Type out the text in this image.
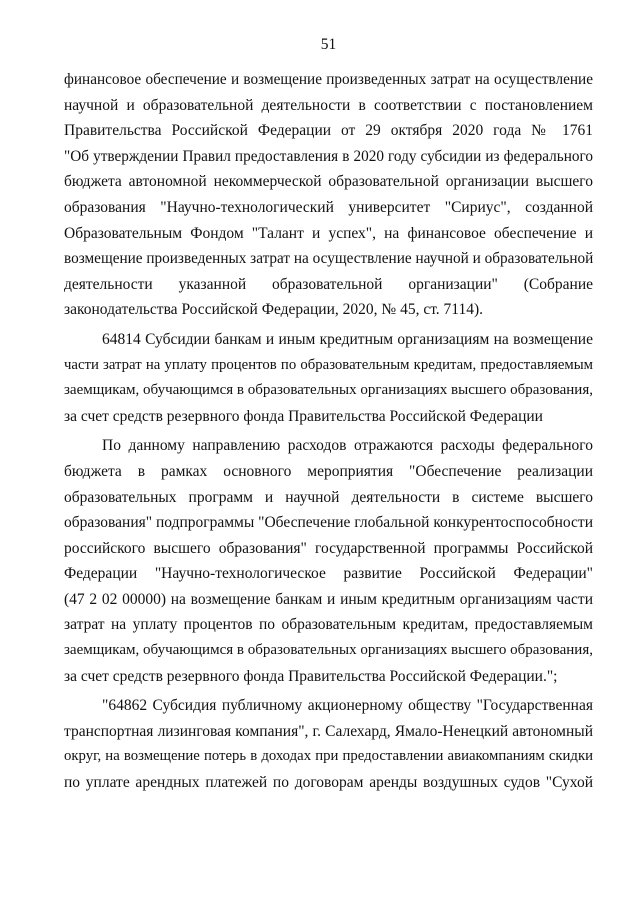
51
финансовое обеспечение и возмещение произведенных затрат на осуществление
научной и образовательной деятельности в соответствии с постановлением
Правительства Российской Федерации от 29 октября 2020 года № 1761
"Об утверждении Правил предоставления в 2020 году субсидии из федерального
бюджета автономной некоммерческой образовательной организации высшего
образования "Научно-технологический университет "Сириус", созданной
Образовательным Фондом "Талант и успех", на финансовое обеспечение и
возмещение произведенных затрат на осуществление научной и образовательной
деятельности указанной образовательной организации" (Собрание
законодательства Российской Федерации, 2020, № 45, ст. 7114).
64814 Субсидии банкам и иным кредитным организациям на возмещение
части затрат на уплату процентов по образовательным кредитам, предоставляемым
заемщикам, обучающимся в образовательных организациях высшего образования,
за счет средств резервного фонда Правительства Российской Федерации
По данному направлению расходов отражаются расходы федерального
бюджета в рамках основного мероприятия "Обеспечение реализации
образовательных программ и научной деятельности в системе высшего
образования" подпрограммы "Обеспечение глобальной конкурентоспособности
российского высшего образования" государственной программы Российской
Федерации "Научно-технологическое развитие Российской Федерации"
(47 2 02 00000) на возмещение банкам и иным кредитным организациям части
затрат на уплату процентов по образовательным кредитам, предоставляемым
заемщикам, обучающимся в образовательных организациях высшего образования,
за счет средств резервного фонда Правительства Российской Федерации.";
"64862 Субсидия публичному акционерному обществу "Государственная
транспортная лизинговая компания", г. Салехард, Ямало-Ненецкий автономный
округ, на возмещение потерь в доходах при предоставлении авиакомпаниям скидки
по уплате арендных платежей по договорам аренды воздушных судов "Сухой
